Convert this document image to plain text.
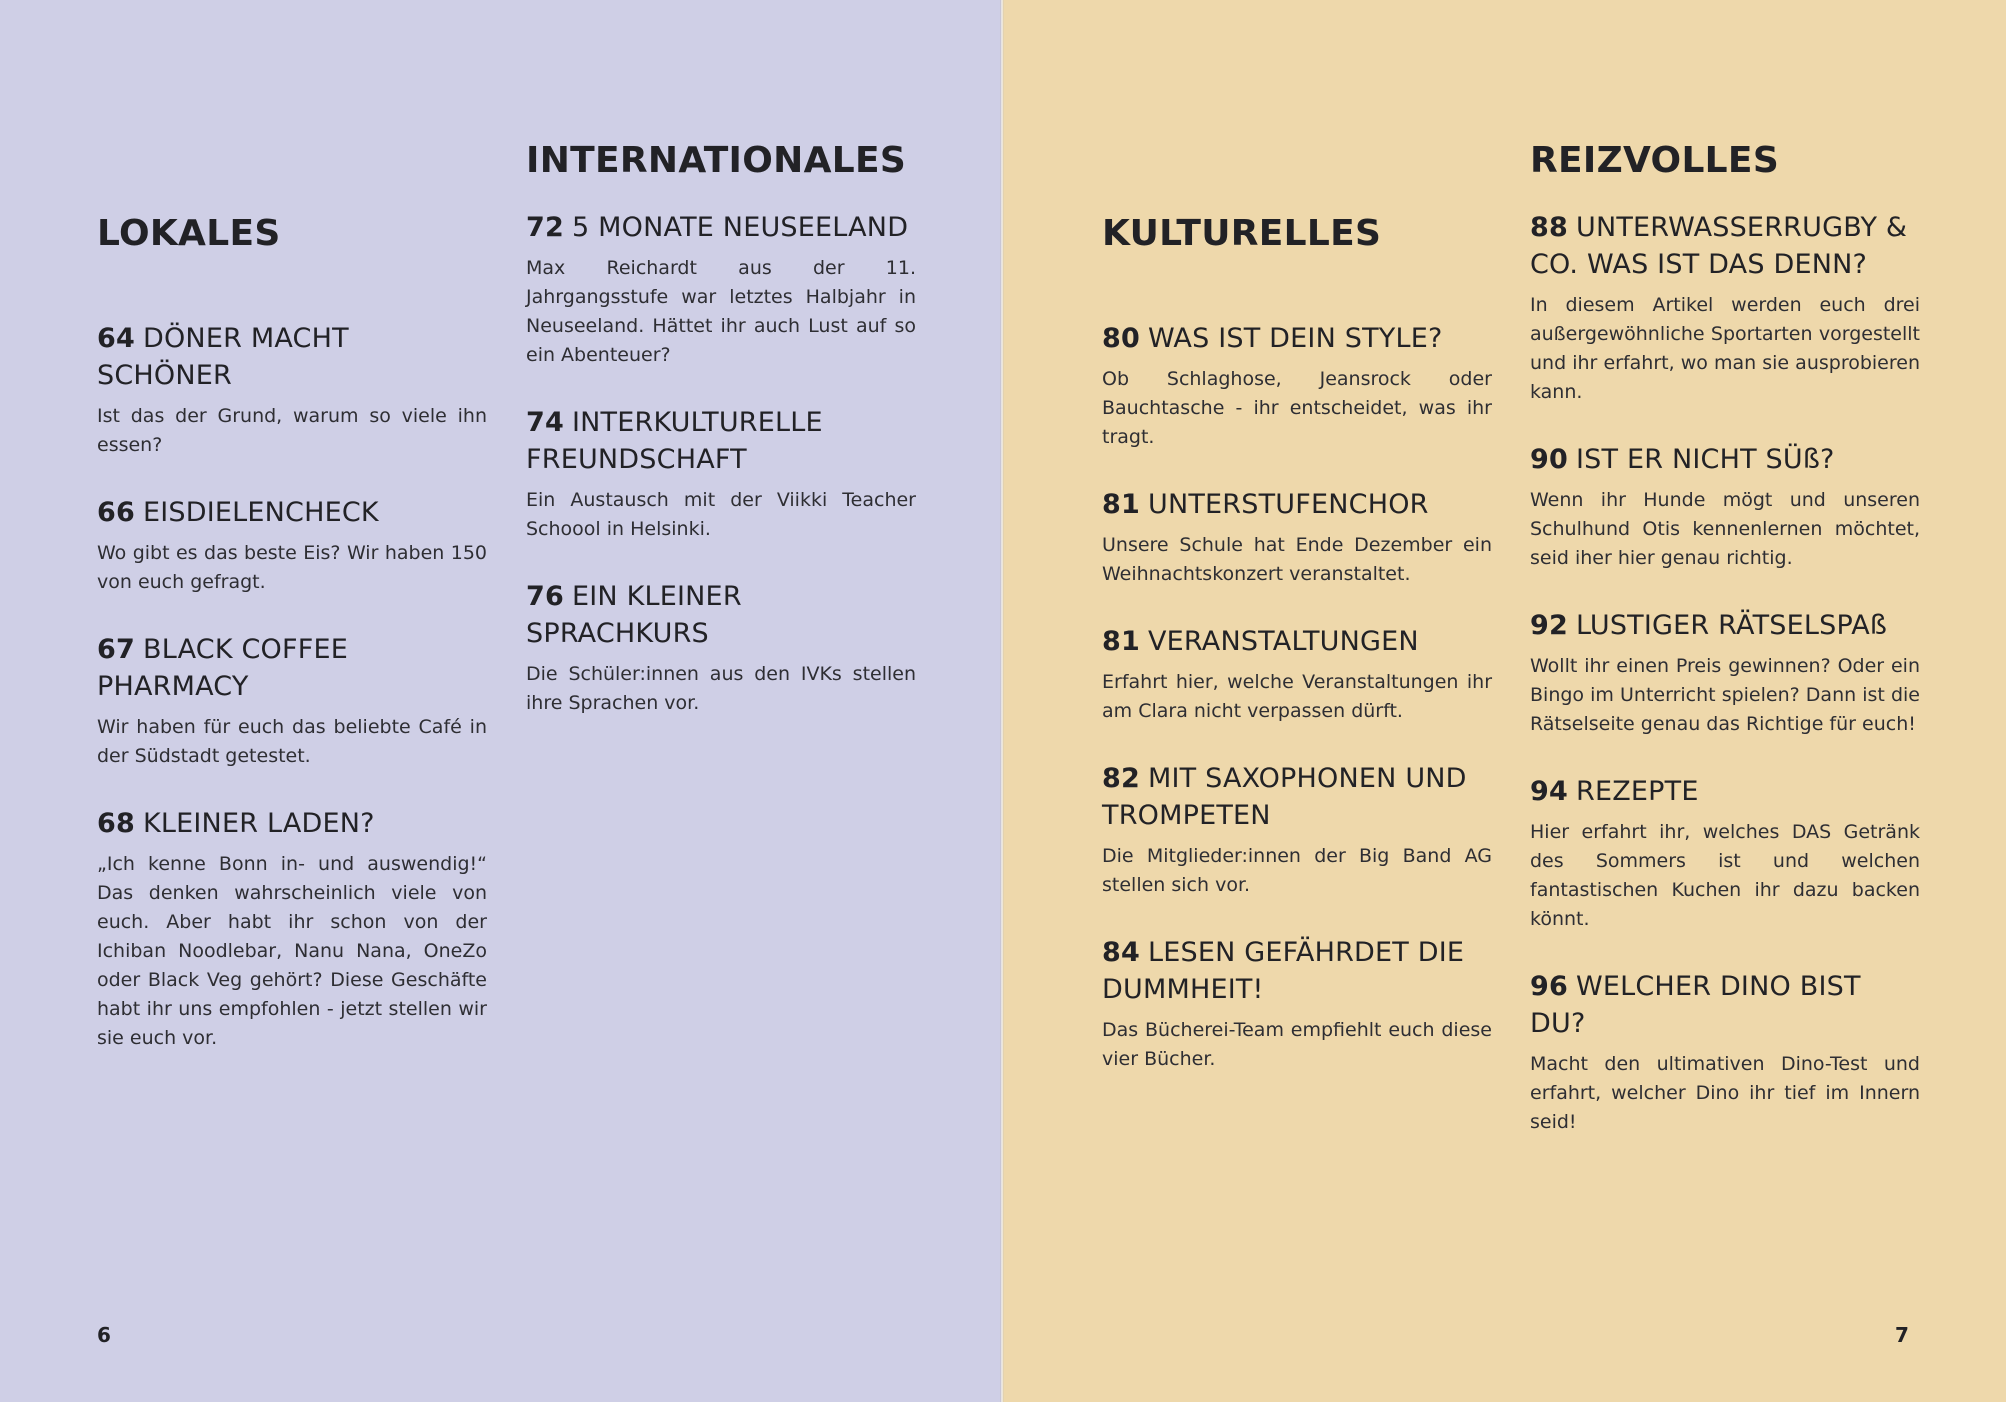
LOKALES
64 DÖNER MACHT SCHÖNER

Ist das der Grund, warum so viele ihn essen?

66 EISDIELENCHECK

Wo gibt es das beste Eis? Wir haben 150 von euch gefragt.

67 BLACK COFFEE PHARMACY

Wir haben für euch das beliebte Café in der Südstadt getestet.

68 KLEINER LADEN?

„Ich kenne Bonn in- und auswendig!“ Das denken wahrscheinlich viele von euch. Aber habt ihr schon von der Ichiban Noodlebar, Nanu Nana, OneZo oder Black Veg gehört? Diese Geschäfte habt ihr uns empfohlen - jetzt stellen wir sie euch vor.

INTERNATIONALES
72 5 MONATE NEUSEELAND

Max Reichardt aus der 11. Jahrgangsstufe war letztes Halbjahr in Neuseeland. Hättet ihr auch Lust auf so ein Abenteuer?

74 INTERKULTURELLE FREUNDSCHAFT

Ein Austausch mit der Viikki Teacher Schoool in Helsinki.

76 EIN KLEINER SPRACHKURS

Die Schüler:innen aus den IVKs stellen ihre Sprachen vor.

6
KULTURELLES
80 WAS IST DEIN STYLE?

Ob Schlaghose, Jeansrock oder Bauchtasche - ihr entscheidet, was ihr tragt.

81 UNTERSTUFENCHOR

Unsere Schule hat Ende Dezember ein Weihnachtskonzert veranstaltet.

81 VERANSTALTUNGEN

Erfahrt hier, welche Veranstaltungen ihr am Clara nicht verpassen dürft.

82 MIT SAXOPHONEN UND TROMPETEN

Die Mitglieder:innen der Big Band AG stellen sich vor.

84 LESEN GEFÄHRDET DIE DUMMHEIT!

Das Bücherei-Team empfiehlt euch diese vier Bücher.

REIZVOLLES
88 UNTERWASSERRUGBY & CO. WAS IST DAS DENN?

In diesem Artikel werden euch drei außergewöhnliche Sportarten vorgestellt und ihr erfahrt, wo man sie ausprobieren kann.

90 IST ER NICHT SÜß?

Wenn ihr Hunde mögt und unseren Schulhund Otis kennenlernen möchtet, seid iher hier genau richtig.

92 LUSTIGER RÄTSELSPAß

Wollt ihr einen Preis gewinnen? Oder ein Bingo im Unterricht spielen? Dann ist die Rätselseite genau das Richtige für euch!

94 REZEPTE

Hier erfahrt ihr, welches DAS Getränk des Sommers ist und welchen fantastischen Kuchen ihr dazu backen könnt.

96 WELCHER DINO BIST DU?

Macht den ultimativen Dino-Test und erfahrt, welcher Dino ihr tief im Innern seid!

7
